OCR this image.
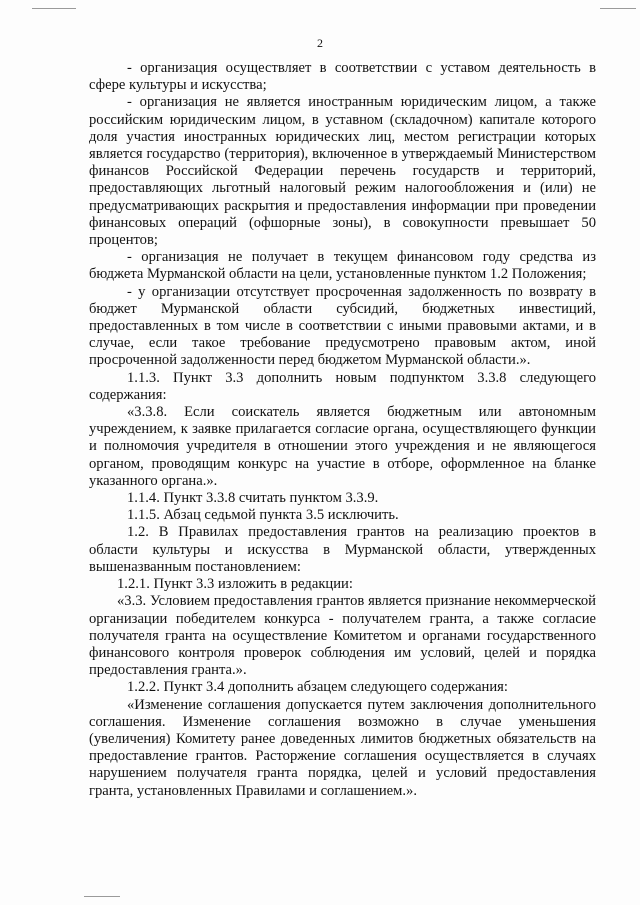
2

- организация осуществляет в соответствии с уставом деятельность в сфере культуры и искусства;

- организация не является иностранным юридическим лицом, а также российским юридическим лицом, в уставном (складочном) капитале которого доля участия иностранных юридических лиц, местом регистрации которых является государство (территория), включенное в утверждаемый Министерством финансов Российской Федерации перечень государств и территорий, предоставляющих льготный налоговый режим налогообложения и (или) не предусматривающих раскрытия и предоставления информации при проведении финансовых операций (офшорные зоны), в совокупности превышает 50 процентов;

- организация не получает в текущем финансовом году средства из бюджета Мурманской области на цели, установленные пунктом 1.2 Положения;

- у организации отсутствует просроченная задолженность по возврату в бюджет Мурманской области субсидий, бюджетных инвестиций, предоставленных в том числе в соответствии с иными правовыми актами, и в случае, если такое требование предусмотрено правовым актом, иной просроченной задолженности перед бюджетом Мурманской области.».

1.1.3. Пункт 3.3 дополнить новым подпунктом 3.3.8 следующего содержания:

«3.3.8. Если соискатель является бюджетным или автономным учреждением, к заявке прилагается согласие органа, осуществляющего функции и полномочия учредителя в отношении этого учреждения и не являющегося органом, проводящим конкурс на участие в отборе, оформленное на бланке указанного органа.».

1.1.4. Пункт 3.3.8 считать пунктом 3.3.9.

1.1.5. Абзац седьмой пункта 3.5 исключить.

1.2. В Правилах предоставления грантов на реализацию проектов в области культуры и искусства в Мурманской области, утвержденных вышеназванным постановлением:

1.2.1. Пункт 3.3 изложить в редакции:

«3.3. Условием предоставления грантов является признание некоммерческой организации победителем конкурса - получателем гранта, а также согласие получателя гранта на осуществление Комитетом и органами государственного финансового контроля проверок соблюдения им условий, целей и порядка предоставления гранта.».

1.2.2. Пункт 3.4 дополнить абзацем следующего содержания:

«Изменение соглашения допускается путем заключения дополнительного соглашения. Изменение соглашения возможно в случае уменьшения (увеличения) Комитету ранее доведенных лимитов бюджетных обязательств на предоставление грантов. Расторжение соглашения осуществляется в случаях нарушением получателя гранта порядка, целей и условий предоставления гранта, установленных Правилами и соглашением.».
